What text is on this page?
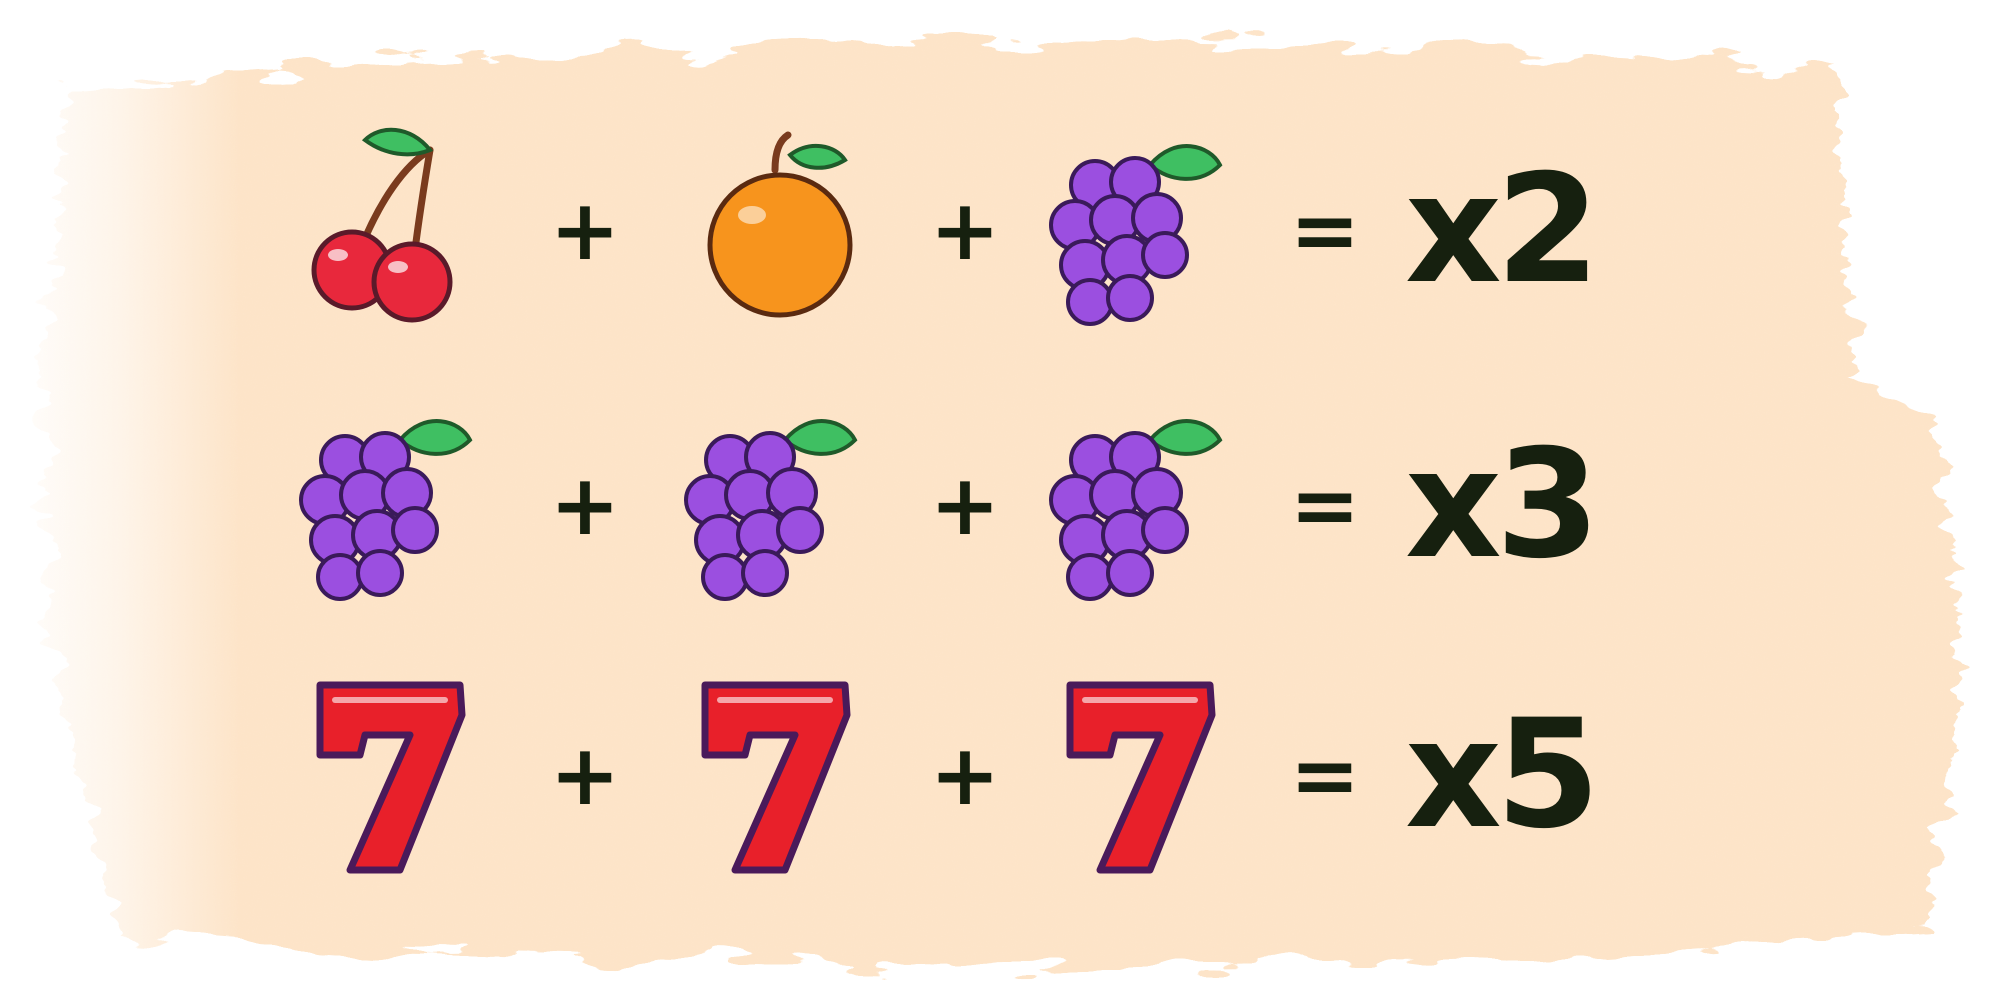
+	+	= x2
+	+	= x3
+	+	= x5
